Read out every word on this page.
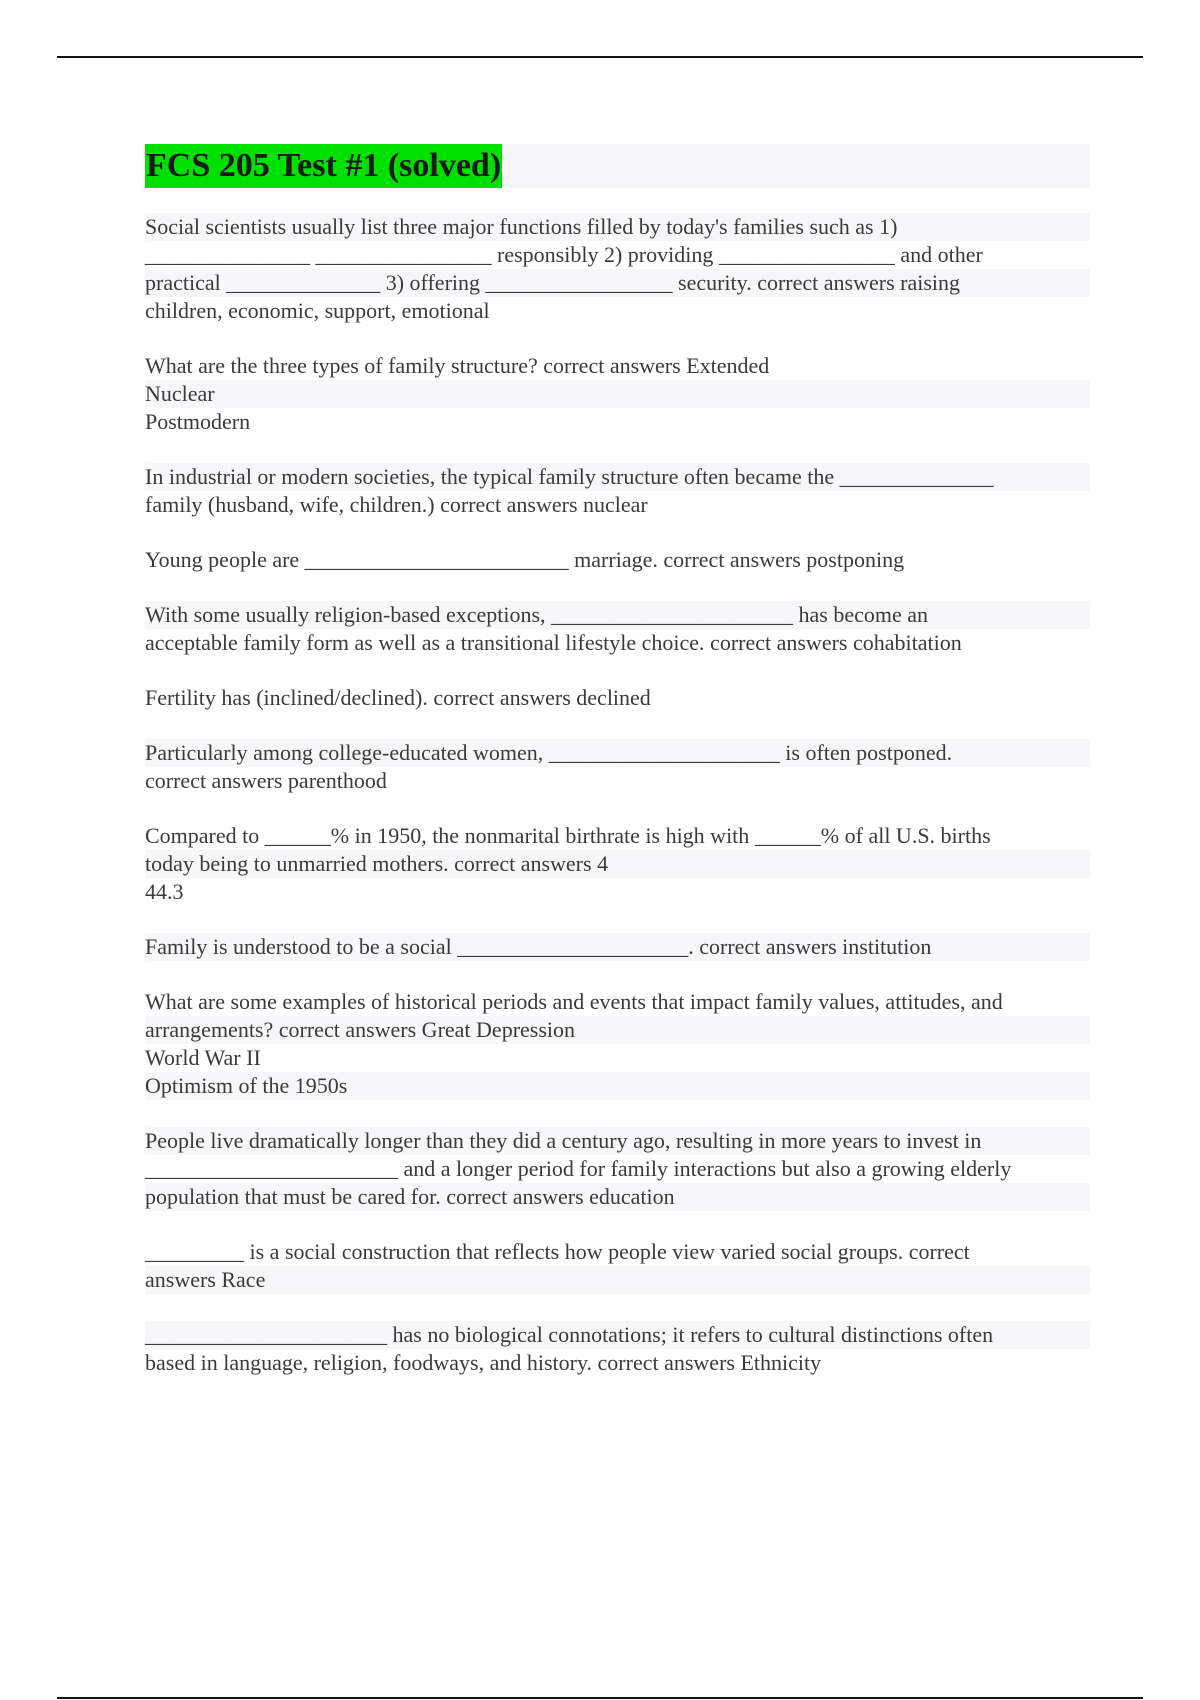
FCS 205 Test #1 (solved)
Social scientists usually list three major functions filled by today's families such as 1)
_______________ ________________ responsibly 2) providing ________________ and other
practical ______________ 3) offering _________________ security. correct answers raising
children, economic, support, emotional
What are the three types of family structure? correct answers Extended
Nuclear
Postmodern
In industrial or modern societies, the typical family structure often became the ______________
family (husband, wife, children.) correct answers nuclear
Young people are ________________________ marriage. correct answers postponing
With some usually religion-based exceptions, ______________________ has become an
acceptable family form as well as a transitional lifestyle choice. correct answers cohabitation
Fertility has (inclined/declined). correct answers declined
Particularly among college-educated women, _____________________ is often postponed.
correct answers parenthood
Compared to ______% in 1950, the nonmarital birthrate is high with ______% of all U.S. births
today being to unmarried mothers. correct answers 4
44.3
Family is understood to be a social _____________________. correct answers institution
What are some examples of historical periods and events that impact family values, attitudes, and
arrangements? correct answers Great Depression
World War II
Optimism of the 1950s
People live dramatically longer than they did a century ago, resulting in more years to invest in
_______________________ and a longer period for family interactions but also a growing elderly
population that must be cared for. correct answers education
_________ is a social construction that reflects how people view varied social groups. correct
answers Race
______________________ has no biological connotations; it refers to cultural distinctions often
based in language, religion, foodways, and history. correct answers Ethnicity
